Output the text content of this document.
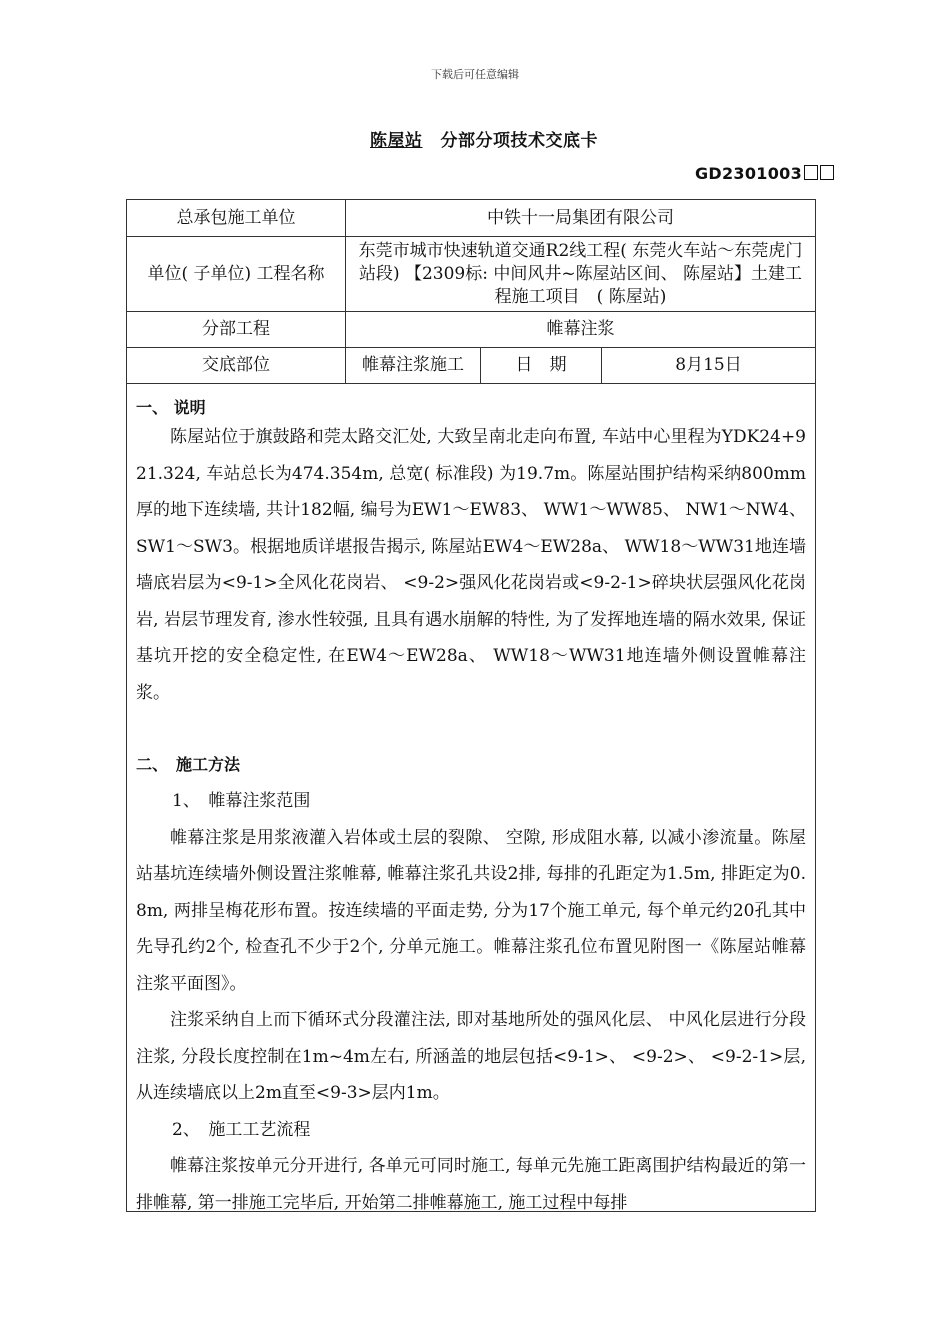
下载后可任意编辑
陈屋站 分部分项技术交底卡
GD2301003
总承包施工单位	中铁十一局集团有限公司		
单位( 子单位) 工程名称	东莞市城市快速轨道交通R2线工程( 东莞火车站～东莞虎门站段) 【2309标: 中间风井~陈屋站区间、 陈屋站】土建工程施工项目　( 陈屋站)		
分部工程	帷幕注浆		
交底部位	帷幕注浆施工	日　期	8月15日
一、 说明

陈屋站位于旗鼓路和莞太路交汇处, 大致呈南北走向布置, 车站中心里程为YDK24+921.324, 车站总长为474.354m, 总宽( 标准段) 为19.7m。陈屋站围护结构采纳800mm厚的地下连续墙, 共计182幅, 编号为EW1～EW83、 WW1～WW85、 NW1～NW4、 SW1～SW3。根据地质详堪报告揭示, 陈屋站EW4～EW28a、 WW18～WW31地连墙墙底岩层为<9-1>全风化花岗岩、 <9-2>强风化花岗岩或<9-2-1>碎块状层强风化花岗岩, 岩层节理发育, 渗水性较强, 且具有遇水崩解的特性, 为了发挥地连墙的隔水效果, 保证基坑开挖的安全稳定性, 在EW4～EW28a、 WW18～WW31地连墙外侧设置帷幕注浆。

二、　施工方法

1、　帷幕注浆范围

帷幕注浆是用浆液灌入岩体或土层的裂隙、 空隙, 形成阻水幕, 以减小渗流量。陈屋站基坑连续墙外侧设置注浆帷幕, 帷幕注浆孔共设2排, 每排的孔距定为1.5m, 排距定为0.8m, 两排呈梅花形布置。按连续墙的平面走势, 分为17个施工单元, 每个单元约20孔其中先导孔约2个, 检查孔不少于2个, 分单元施工。帷幕注浆孔位布置见附图一《陈屋站帷幕注浆平面图》。

注浆采纳自上而下循环式分段灌注法, 即对基地所处的强风化层、 中风化层进行分段注浆, 分段长度控制在1m~4m左右, 所涵盖的地层包括<9-1>、 <9-2>、 <9-2-1>层, 从连续墙底以上2m直至<9-3>层内1m。

2、　施工工艺流程

帷幕注浆按单元分开进行, 各单元可同时施工, 每单元先施工距离围护结构最近的第一排帷幕, 第一排施工完毕后, 开始第二排帷幕施工, 施工过程中每排
